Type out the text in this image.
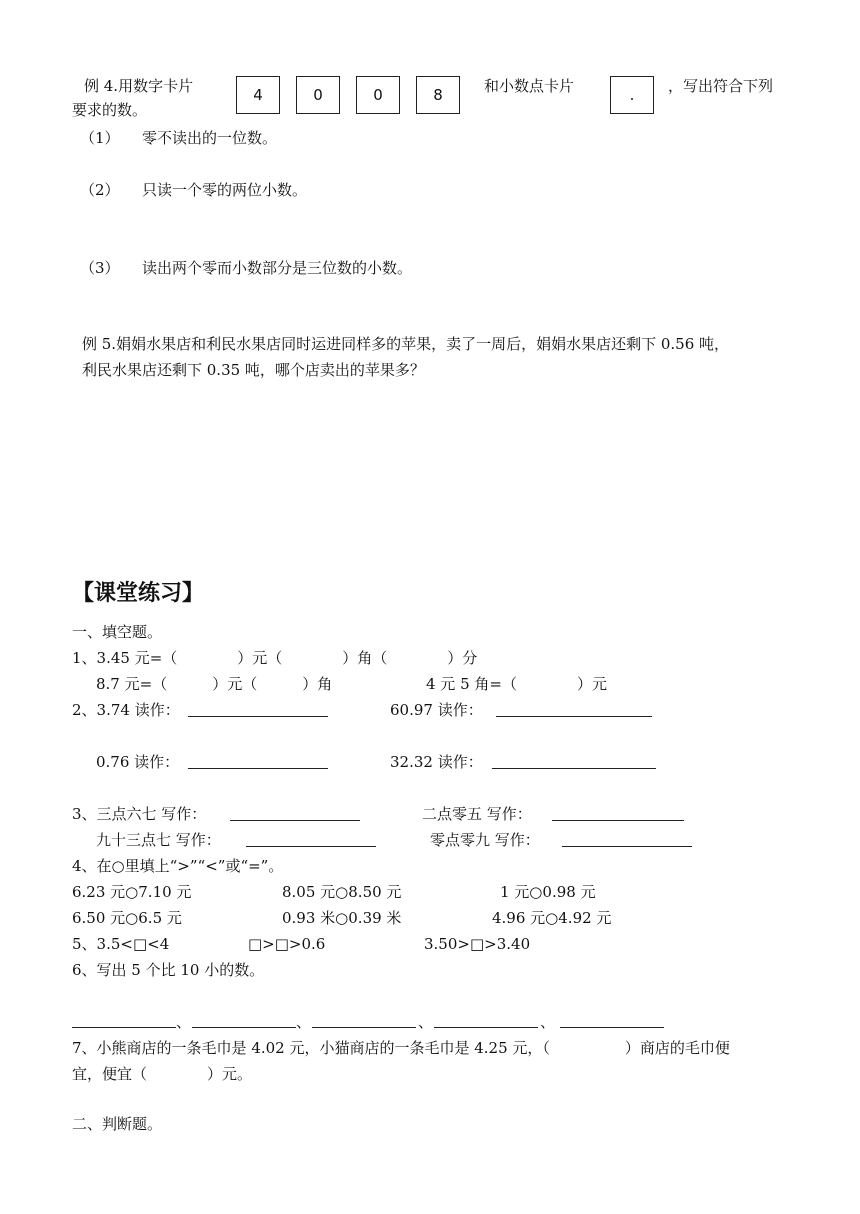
例 4.用数字卡片	4	0	0	8	和小数点卡片	.	，写出符合下列
要求的数。
（1） 零不读出的一位数。
（2） 只读一个零的两位小数。
（3） 读出两个零而小数部分是三位数的小数。
例 5.娟娟水果店和利民水果店同时运进同样多的苹果，卖了一周后，娟娟水果店还剩下 0.56 吨，
利民水果店还剩下 0.35 吨，哪个店卖出的苹果多？
【课堂练习】
一、填空题。
1、3.45 元=（　　　　）元（　　　　）角（　　　　）分
8.7 元=（　　　）元（　　　）角	4 元 5 角=（　　　　）元
2、3.74 读作：	60.97 读作：
0.76 读作：	32.32 读作：
3、三点六七 写作：	二点零五 写作：
九十三点七 写作：	零点零九 写作：
4、在○里填上“>”“<”或“=”。
6.23 元○7.10 元	8.05 元○8.50 元	1 元○0.98 元
6.50 元○6.5 元	0.93 米○0.39 米	4.96 元○4.92 元
5、3.5<□<4	□>□>0.6	3.50>□>3.40
6、写出 5 个比 10 小的数。
、	、	、	、
7、小熊商店的一条毛巾是 4.02 元，小猫商店的一条毛巾是 4.25 元，（　　　　　）商店的毛巾便
宜，便宜（　　　　）元。
二、判断题。
